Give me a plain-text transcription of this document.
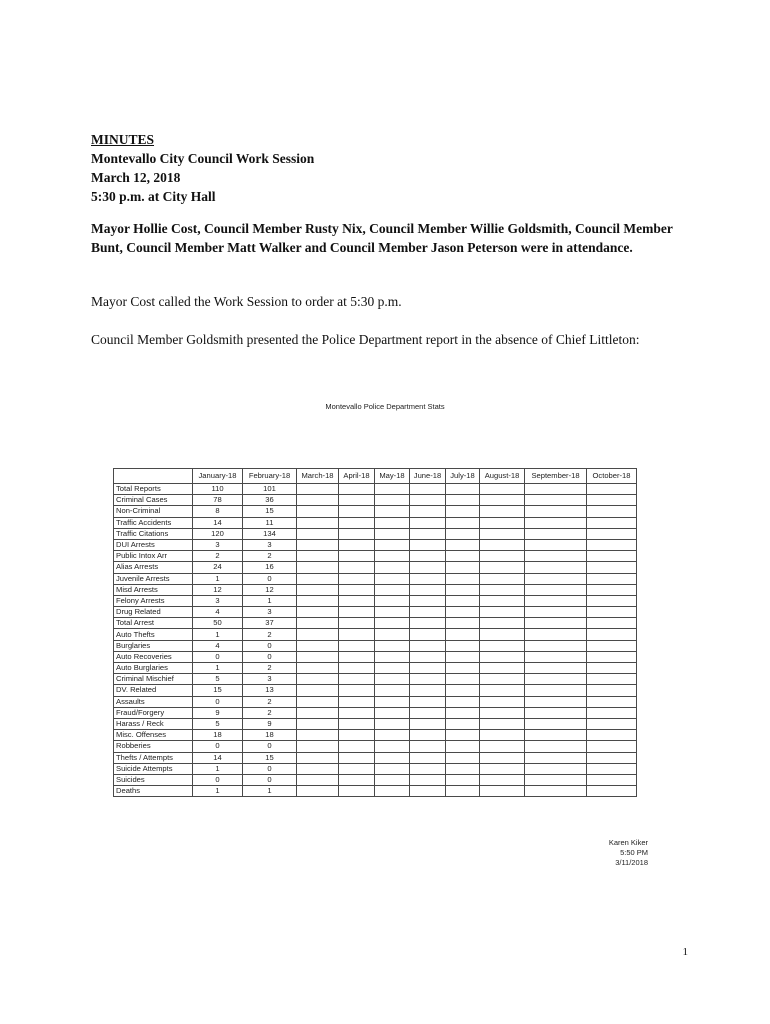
MINUTES
Montevallo City Council Work Session
March 12, 2018
5:30 p.m. at City Hall
Mayor Hollie Cost, Council Member Rusty Nix, Council Member Willie Goldsmith, Council Member Bunt, Council Member Matt Walker and Council Member Jason Peterson were in attendance.
Mayor Cost called the Work Session to order at 5:30 p.m.
Council Member Goldsmith presented the Police Department report in the absence of Chief Littleton:
Montevallo Police Department Stats
	January-18	February-18	March-18	April-18	May-18	June-18	July-18	August-18	September-18	October-18
Total Reports	110	101								
Criminal Cases	78	36								
Non-Criminal	8	15								
Traffic Accidents	14	11								
Traffic Citations	120	134								
DUI Arrests	3	3								
Public Intox Arr	2	2								
Alias Arrests	24	16								
Juvenile Arrests	1	0								
Misd Arrests	12	12								
Felony Arrests	3	1								
Drug Related	4	3								
Total Arrest	50	37								
Auto Thefts	1	2								
Burglaries	4	0								
Auto Recoveries	0	0								
Auto Burglaries	1	2								
Criminal Mischief	5	3								
DV. Related	15	13								
Assaults	0	2								
Fraud/Forgery	9	2								
Harass / Reck	5	9								
Misc. Offenses	18	18								
Robberies	0	0								
Thefts / Attempts	14	15								
Suicide Attempts	1	0								
Suicides	0	0								
Deaths	1	1								
Karen Kiker
5:50 PM
3/11/2018
1
